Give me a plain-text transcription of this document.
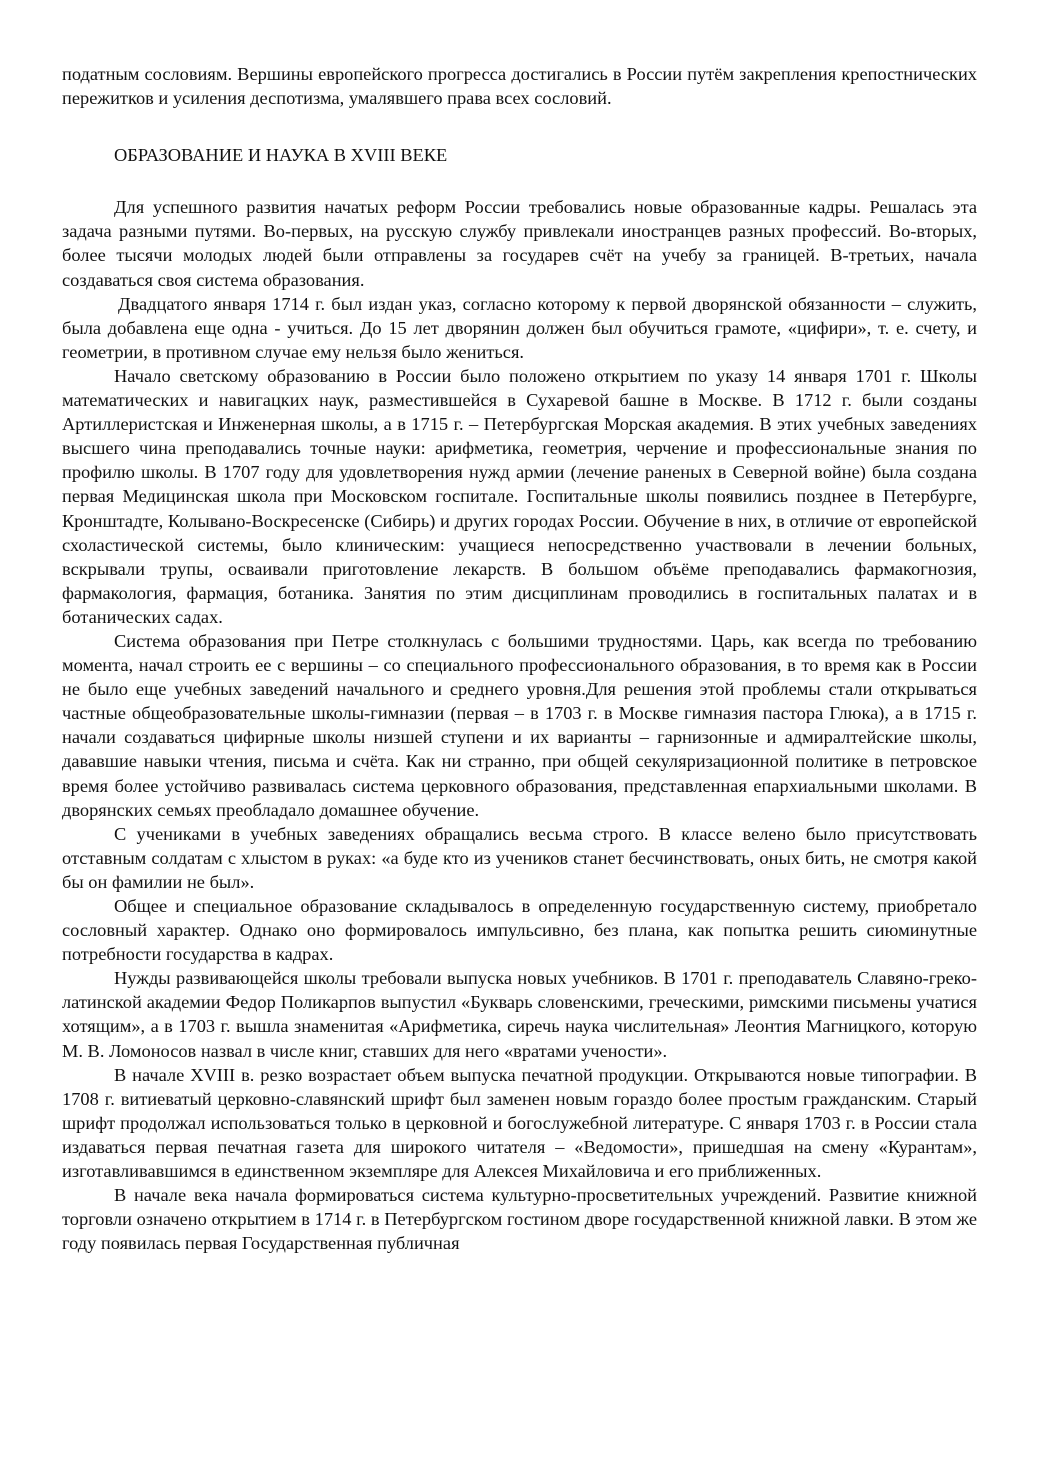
податным сословиям. Вершины европейского прогресса достигались в России путём закрепления крепостнических пережитков и усиления деспотизма, умалявшего права всех сословий.

ОБРАЗОВАНИЕ И НАУКА В XVIII ВЕКЕ

Для успешного развития начатых реформ России требовались новые образованные кадры. Решалась эта задача разными путями. Во-первых, на русскую службу привлекали иностранцев разных профессий. Во-вторых, более тысячи молодых людей были отправлены за государев счёт на учебу за границей. В-третьих, начала создаваться своя система образования.

Двадцатого января 1714 г. был издан указ, согласно которому к первой дворянской обязанности – служить, была добавлена еще одна - учиться. До 15 лет дворянин должен был обучиться грамоте, «цифири», т. е. счету, и геометрии, в противном случае ему нельзя было жениться.

Начало светскому образованию в России было положено открытием по указу 14 января 1701 г. Школы математических и навигацких наук, разместившейся в Сухаревой башне в Москве. В 1712 г. были созданы Артиллеристская и Инженерная школы, а в 1715 г. – Петербургская Морская академия. В этих учебных заведениях высшего чина преподавались точные науки: арифметика, геометрия, черчение и профессиональные знания по профилю школы. В 1707 году для удовлетворения нужд армии (лечение раненых в Северной войне) была создана первая Медицинская школа при Московском госпитале. Госпитальные школы появились позднее в Петербурге, Кронштадте, Колывано-Воскресенске (Сибирь) и других городах России. Обучение в них, в отличие от европейской схоластической системы, было клиническим: учащиеся непосредственно участвовали в лечении больных, вскрывали трупы, осваивали приготовление лекарств. В большом объёме преподавались фармакогнозия, фармакология, фармация, ботаника. Занятия по этим дисциплинам проводились в госпитальных палатах и в ботанических садах.

Система образования при Петре столкнулась с большими трудностями. Царь, как всегда по требованию момента, начал строить ее с вершины – со специального профессионального образования, в то время как в России не было еще учебных заведений начального и среднего уровня.Для решения этой проблемы стали открываться частные общеобразовательные школы-гимназии (первая – в 1703 г. в Москве гимназия пастора Глюка), а в 1715 г. начали создаваться цифирные школы низшей ступени и их варианты – гарнизонные и адмиралтейские школы, дававшие навыки чтения, письма и счёта. Как ни странно, при общей секуляризационной политике в петровское время более устойчиво развивалась система церковного образования, представленная епархиальными школами. В дворянских семьях преобладало домашнее обучение.

С учениками в учебных заведениях обращались весьма строго. В классе велено было присутствовать отставным солдатам с хлыстом в руках: «а буде кто из учеников станет бесчинствовать, оных бить, не смотря какой бы он фамилии не был».

Общее и специальное образование складывалось в определенную государственную систему, приобретало сословный характер. Однако оно формировалось импульсивно, без плана, как попытка решить сиюминутные потребности государства в кадрах.

Нужды развивающейся школы требовали выпуска новых учебников. В 1701 г. преподаватель Славяно-греко-латинской академии Федор Поликарпов выпустил «Букварь словенскими, греческими, римскими письмены учатися хотящим», а в 1703 г. вышла знаменитая «Арифметика, сиречь наука числительная» Леонтия Магницкого, которую М. В. Ломоносов назвал в числе книг, ставших для него «вратами учености».

В начале XVIII в. резко возрастает объем выпуска печатной продукции. Открываются новые типографии. В 1708 г. витиеватый церковно-славянский шрифт был заменен новым гораздо более простым гражданским. Старый шрифт продолжал использоваться только в церковной и богослужебной литературе. С января 1703 г. в России стала издаваться первая печатная газета для широкого читателя – «Ведомости», пришедшая на смену «Курантам», изготавливавшимся в единственном экземпляре для Алексея Михайловича и его приближенных.

В начале века начала формироваться система культурно-просветительных учреждений. Развитие книжной торговли означено открытием в 1714 г. в Петербургском гостином дворе государственной книжной лавки. В этом же году появилась первая Государственная публичная
